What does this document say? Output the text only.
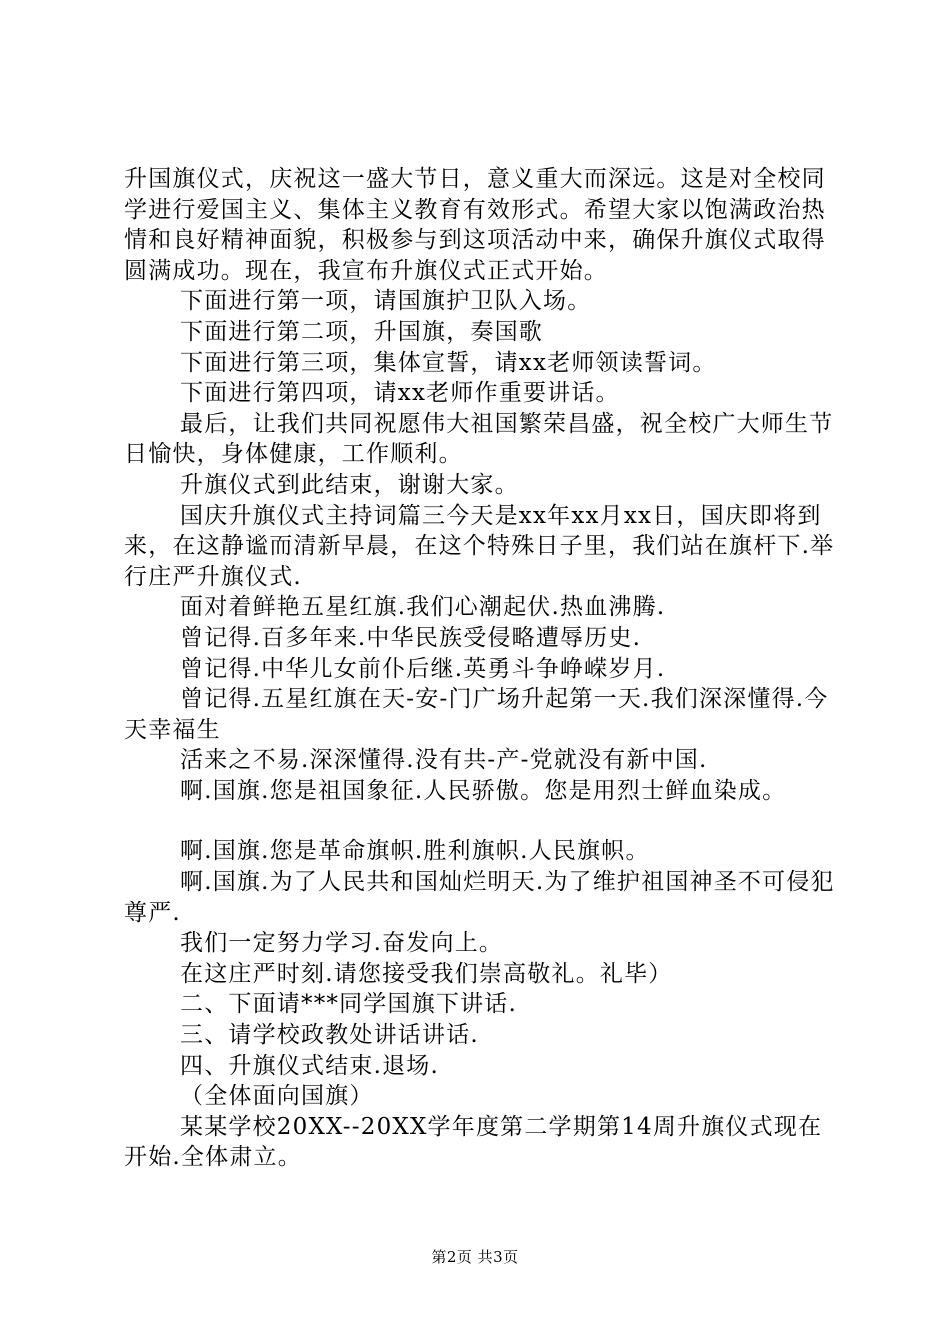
升国旗仪式，庆祝这一盛大节日，意义重大而深远。这是对全校同学进行爱国主义、集体主义教育有效形式。希望大家以饱满政治热情和良好精神面貌，积极参与到这项活动中来，确保升旗仪式取得圆满成功。现在，我宣布升旗仪式正式开始。

下面进行第一项，请国旗护卫队入场。

下面进行第二项，升国旗，奏国歌

下面进行第三项，集体宣誓，请xx老师领读誓词。

下面进行第四项，请xx老师作重要讲话。

最后，让我们共同祝愿伟大祖国繁荣昌盛，祝全校广大师生节日愉快，身体健康，工作顺利。

升旗仪式到此结束，谢谢大家。

国庆升旗仪式主持词篇三今天是xx年xx月xx日，国庆即将到来，在这静谧而清新早晨，在这个特殊日子里，我们站在旗杆下.举行庄严升旗仪式.

面对着鲜艳五星红旗.我们心潮起伏.热血沸腾.

曾记得.百多年来.中华民族受侵略遭辱历史.

曾记得.中华儿女前仆后继.英勇斗争峥嵘岁月.

曾记得.五星红旗在天-安-门广场升起第一天.我们深深懂得.今天幸福生

活来之不易.深深懂得.没有共-产-党就没有新中国.

啊.国旗.您是祖国象征.人民骄傲。您是用烈士鲜血染成。

啊.国旗.您是革命旗帜.胜利旗帜.人民旗帜。

啊.国旗.为了人民共和国灿烂明天.为了维护祖国神圣不可侵犯尊严.

我们一定努力学习.奋发向上。

在这庄严时刻.请您接受我们崇高敬礼。礼毕）

二、下面请***同学国旗下讲话.

三、请学校政教处讲话讲话.

四、升旗仪式结束.退场.

（全体面向国旗）

某某学校20XX--20XX学年度第二学期第14周升旗仪式现在开始.全体肃立。

第2页 共3页
